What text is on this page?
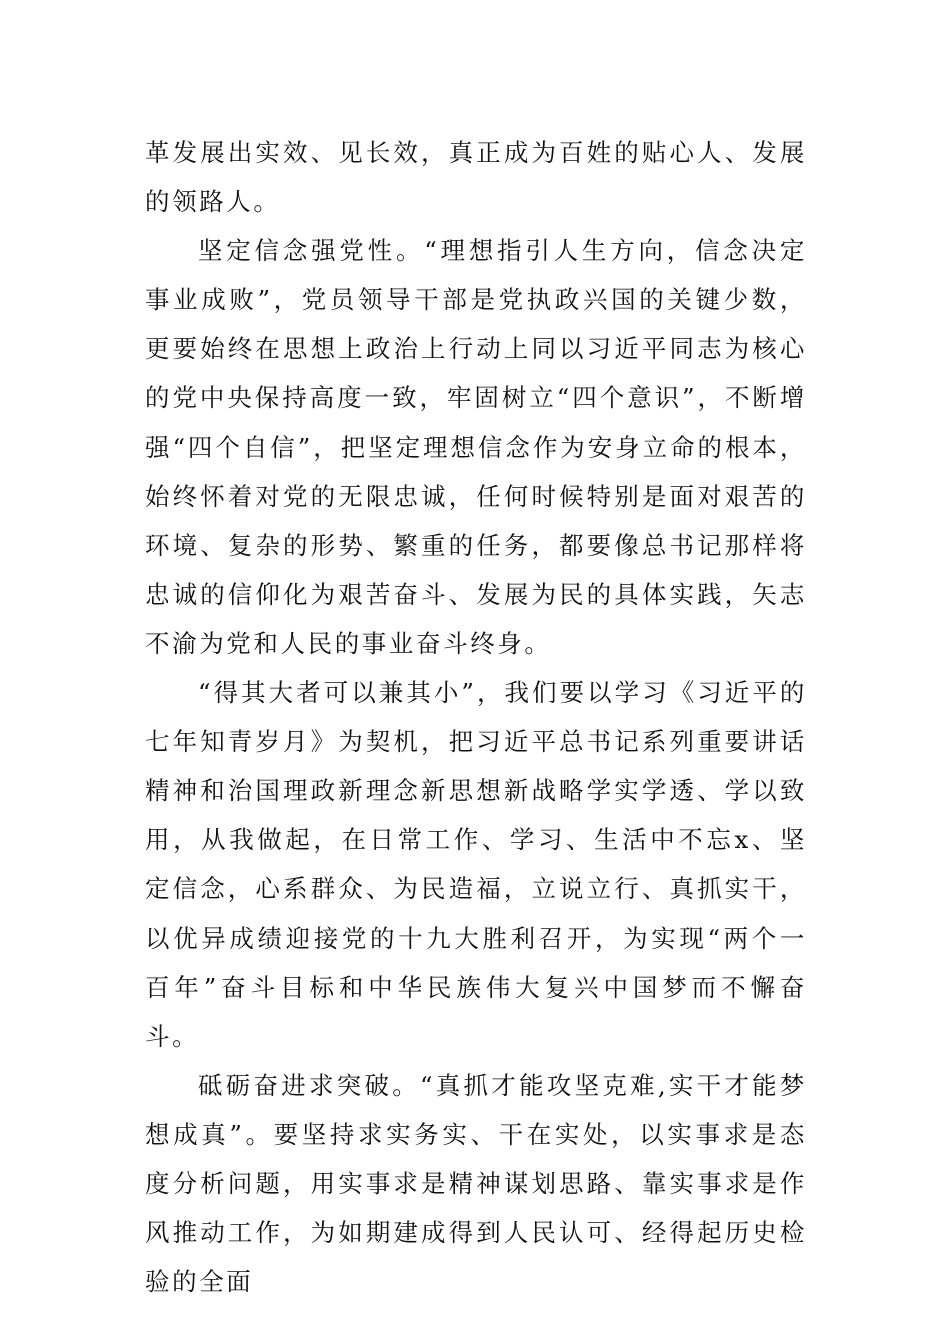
革发展出实效、见长效，真正成为百姓的贴心人、发展的领路人。

坚定信念强党性。“理想指引人生方向，信念决定事业成败”，党员领导干部是党执政兴国的关键少数，更要始终在思想上政治上行动上同以习近平同志为核心的党中央保持高度一致，牢固树立“四个意识”，不断增强“四个自信”，把坚定理想信念作为安身立命的根本，始终怀着对党的无限忠诚，任何时候特别是面对艰苦的环境、复杂的形势、繁重的任务，都要像总书记那样将忠诚的信仰化为艰苦奋斗、发展为民的具体实践，矢志不渝为党和人民的事业奋斗终身。

“得其大者可以兼其小”，我们要以学习《习近平的七年知青岁月》为契机，把习近平总书记系列重要讲话精神和治国理政新理念新思想新战略学实学透、学以致用，从我做起，在日常工作、学习、生活中不忘x、坚定信念，心系群众、为民造福，立说立行、真抓实干，以优异成绩迎接党的十九大胜利召开，为实现“两个一百年”奋斗目标和中华民族伟大复兴中国梦而不懈奋斗。

砥砺奋进求突破。“真抓才能攻坚克难,实干才能梦想成真”。要坚持求实务实、干在实处，以实事求是态度分析问题，用实事求是精神谋划思路、靠实事求是作风推动工作，为如期建成得到人民认可、经得起历史检验的全面
